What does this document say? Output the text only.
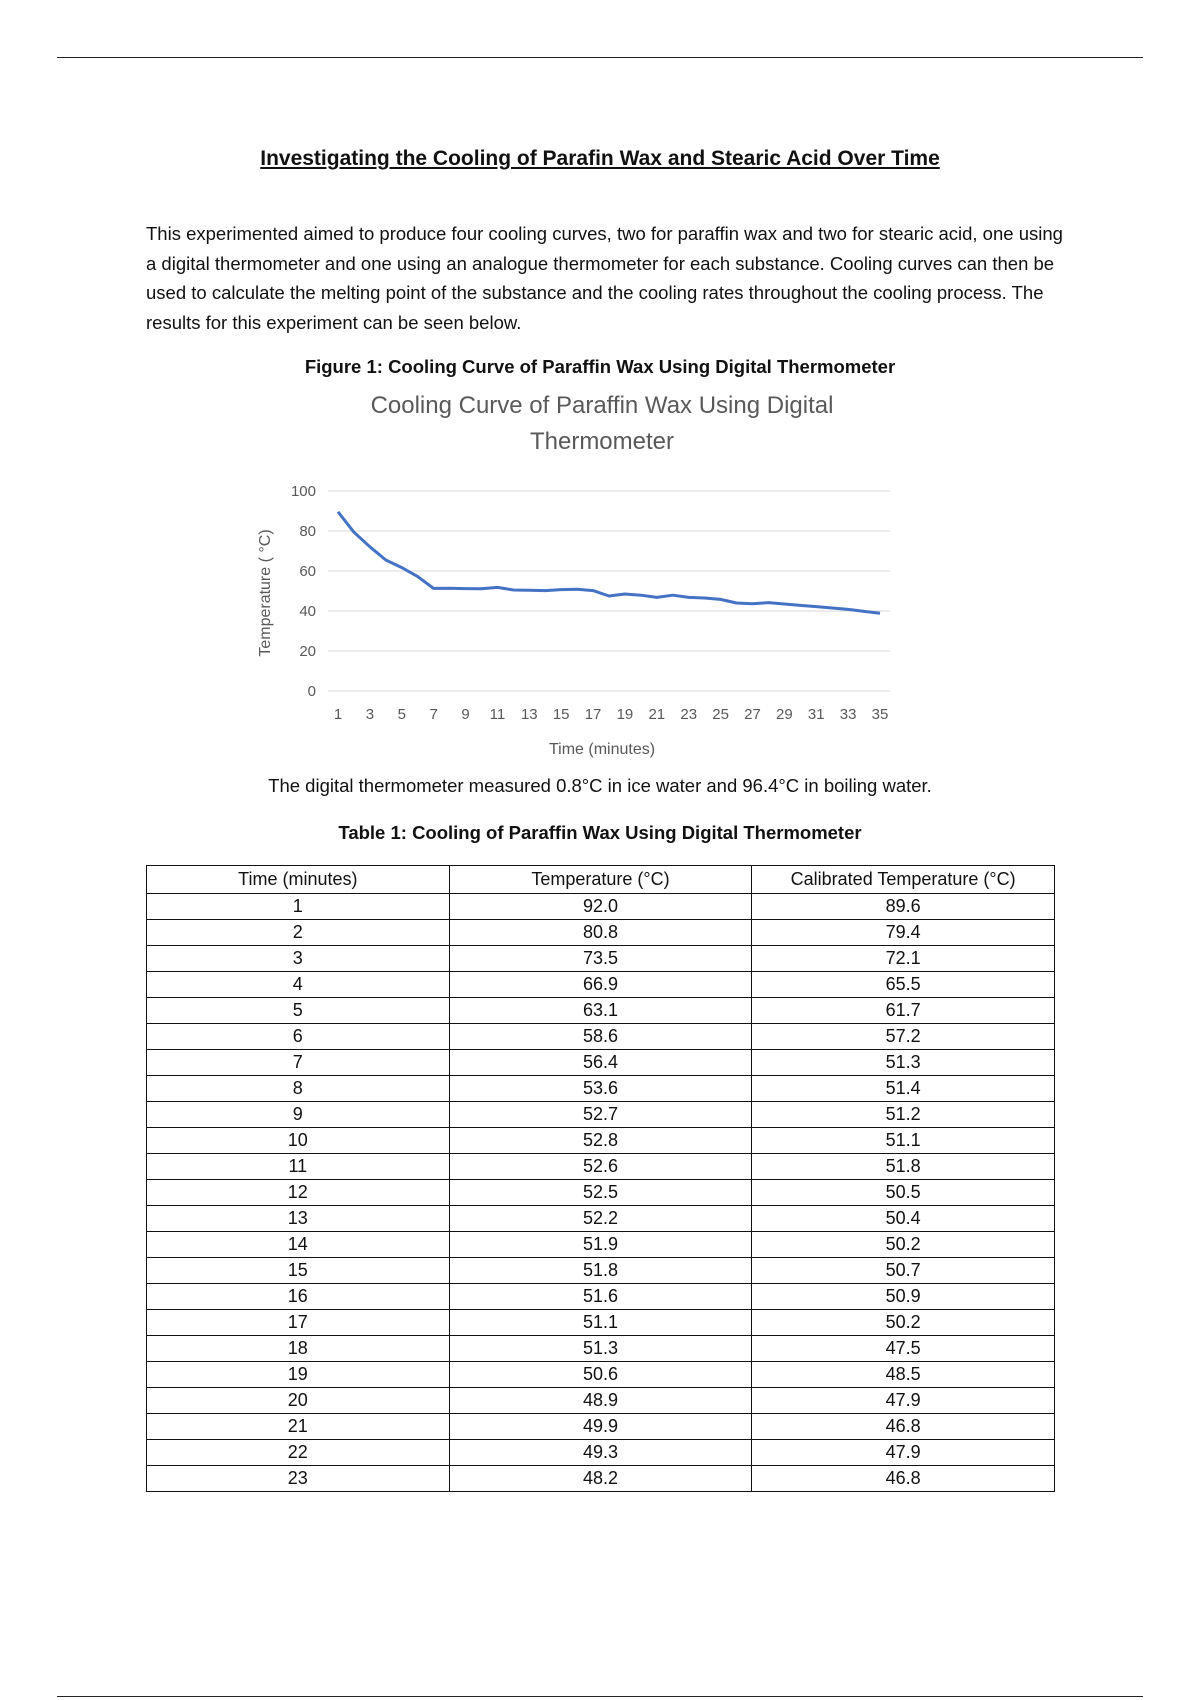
Investigating the Cooling of Parafin Wax and Stearic Acid Over Time

This experimented aimed to produce four cooling curves, two for paraffin wax and two for stearic acid, one using a digital thermometer and one using an analogue thermometer for each substance. Cooling curves can then be used to calculate the melting point of the substance and the cooling rates throughout the cooling process. The results for this experiment can be seen below.

Figure 1: Cooling Curve of Paraffin Wax Using Digital Thermometer
Cooling Curve of Paraffin Wax Using Digital
Thermometer
0
20
40
60
80
100
1 3 5 7 9 11 13 15 17 19 21 23 25 27 29 31 33 35
Time (minutes)
Temperature ( °C)
The digital thermometer measured 0.8°C in ice water and 96.4°C in boiling water.
Table 1: Cooling of Paraffin Wax Using Digital Thermometer
Time (minutes)	Temperature (°C)	Calibrated Temperature (°C)
1	92.0	89.6
2	80.8	79.4
3	73.5	72.1
4	66.9	65.5
5	63.1	61.7
6	58.6	57.2
7	56.4	51.3
8	53.6	51.4
9	52.7	51.2
10	52.8	51.1
11	52.6	51.8
12	52.5	50.5
13	52.2	50.4
14	51.9	50.2
15	51.8	50.7
16	51.6	50.9
17	51.1	50.2
18	51.3	47.5
19	50.6	48.5
20	48.9	47.9
21	49.9	46.8
22	49.3	47.9
23	48.2	46.8
